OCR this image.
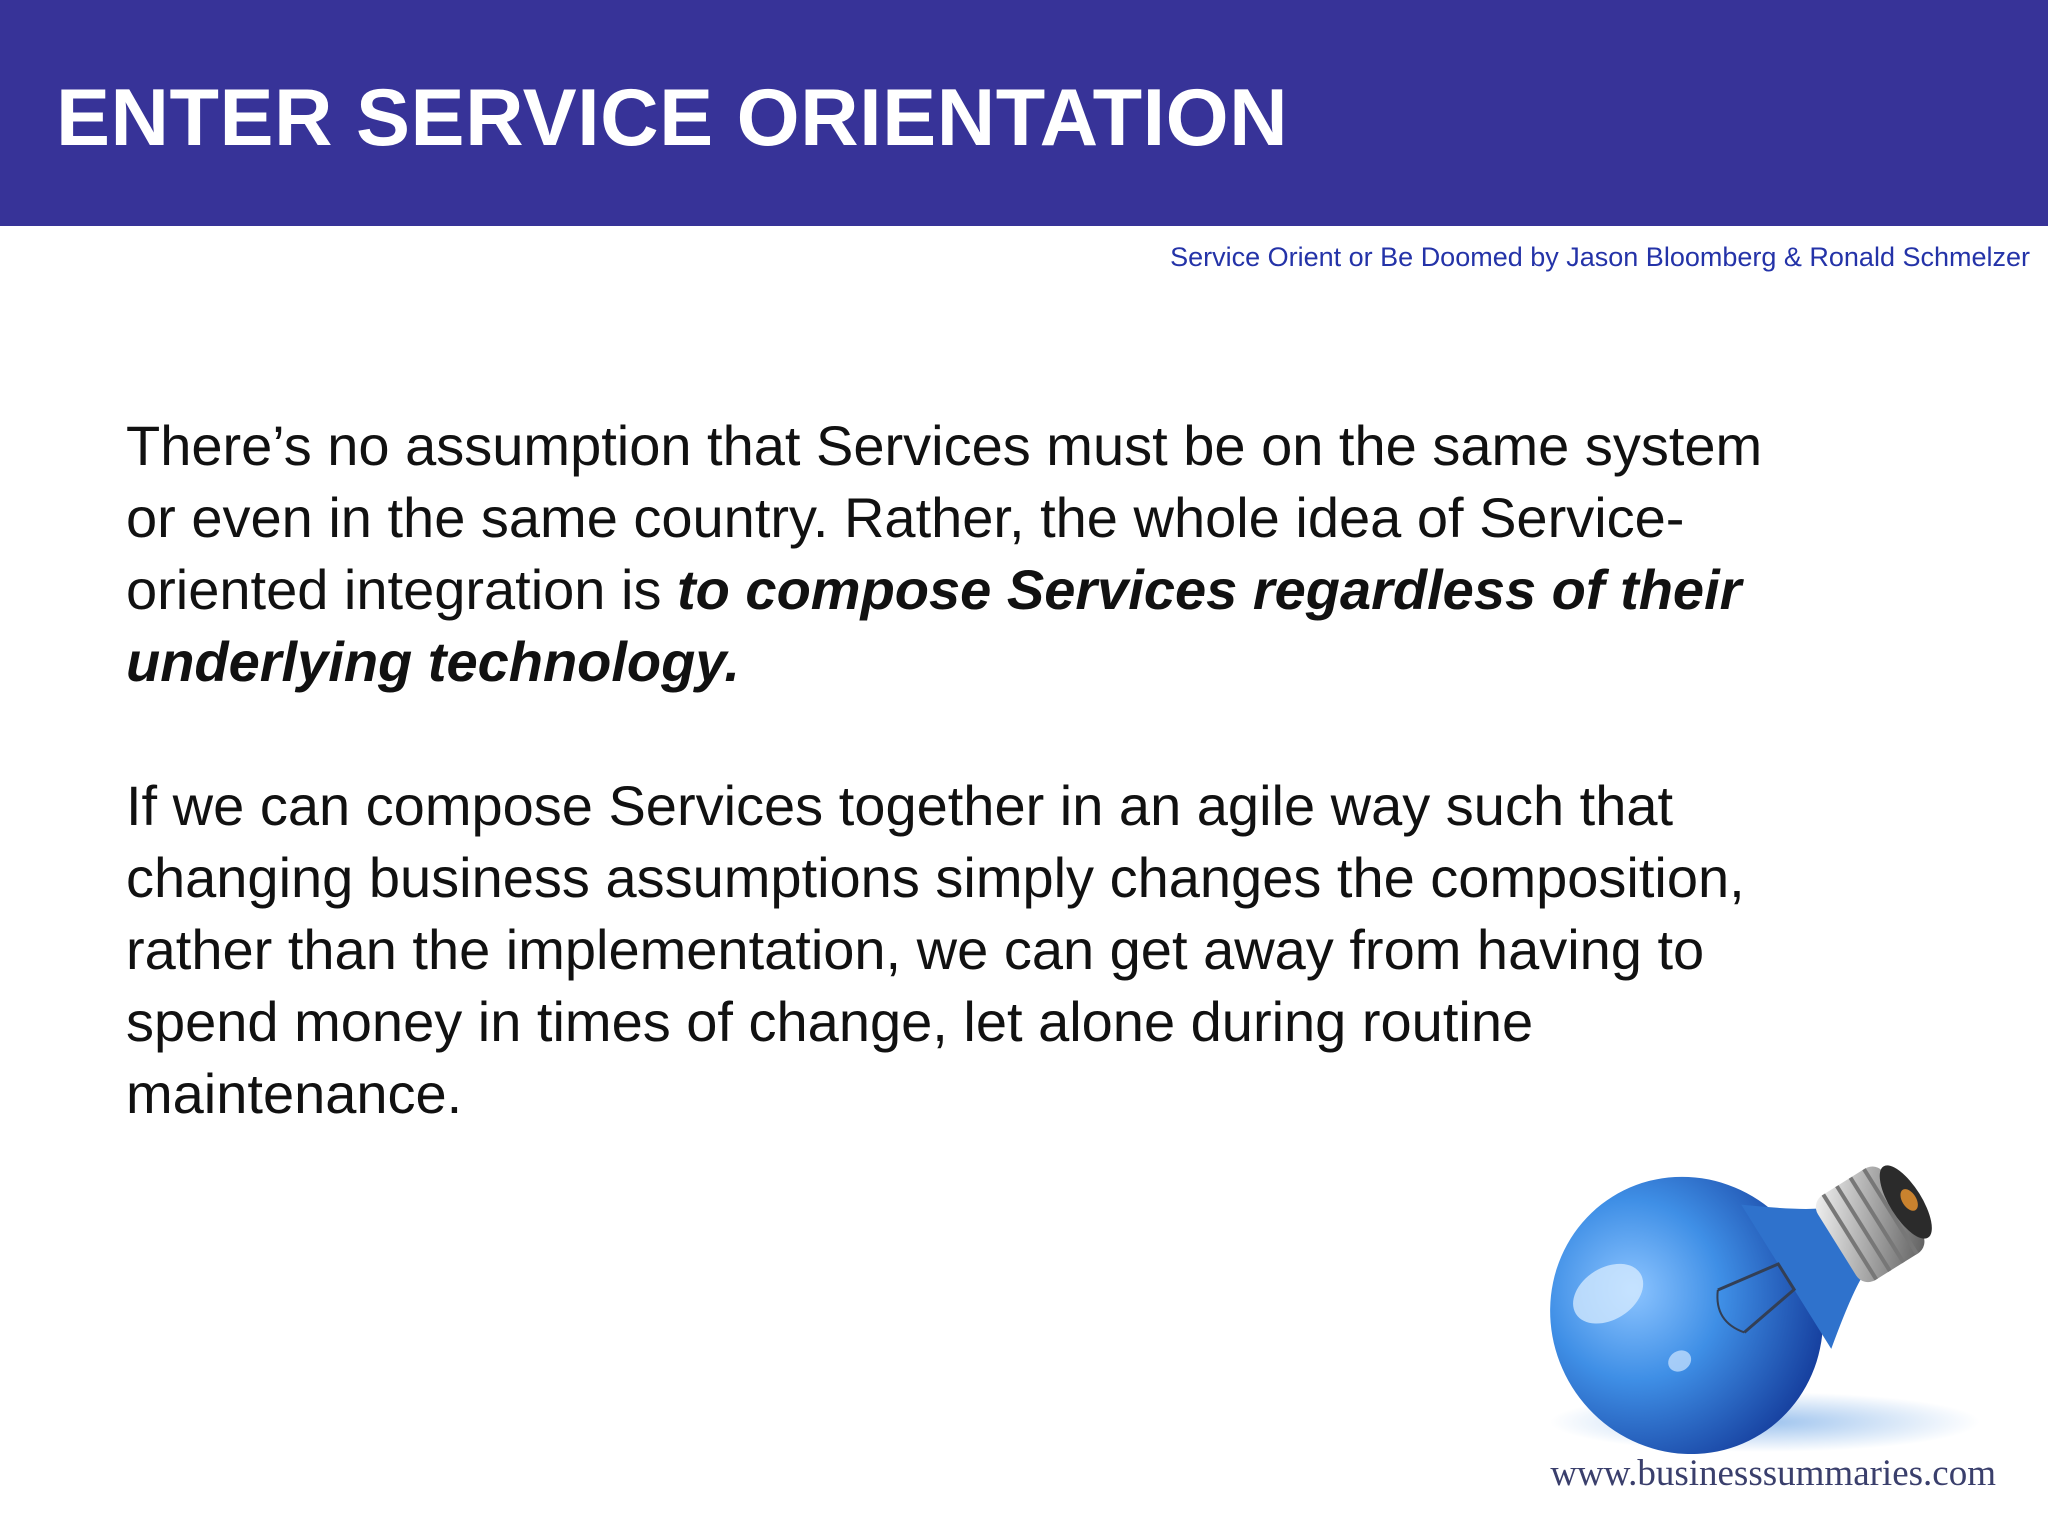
ENTER SERVICE ORIENTATION
Service Orient or Be Doomed by Jason Bloomberg & Ronald Schmelzer

There’s no assumption that Services must be on the same system
or even in the same country. Rather, the whole idea of Service-
oriented integration is to compose Services regardless of their
underlying technology.

If we can compose Services together in an agile way such that
changing business assumptions simply changes the composition,
rather than the implementation, we can get away from having to
spend money in times of change, let alone during routine
maintenance.

www.businesssummaries.com
